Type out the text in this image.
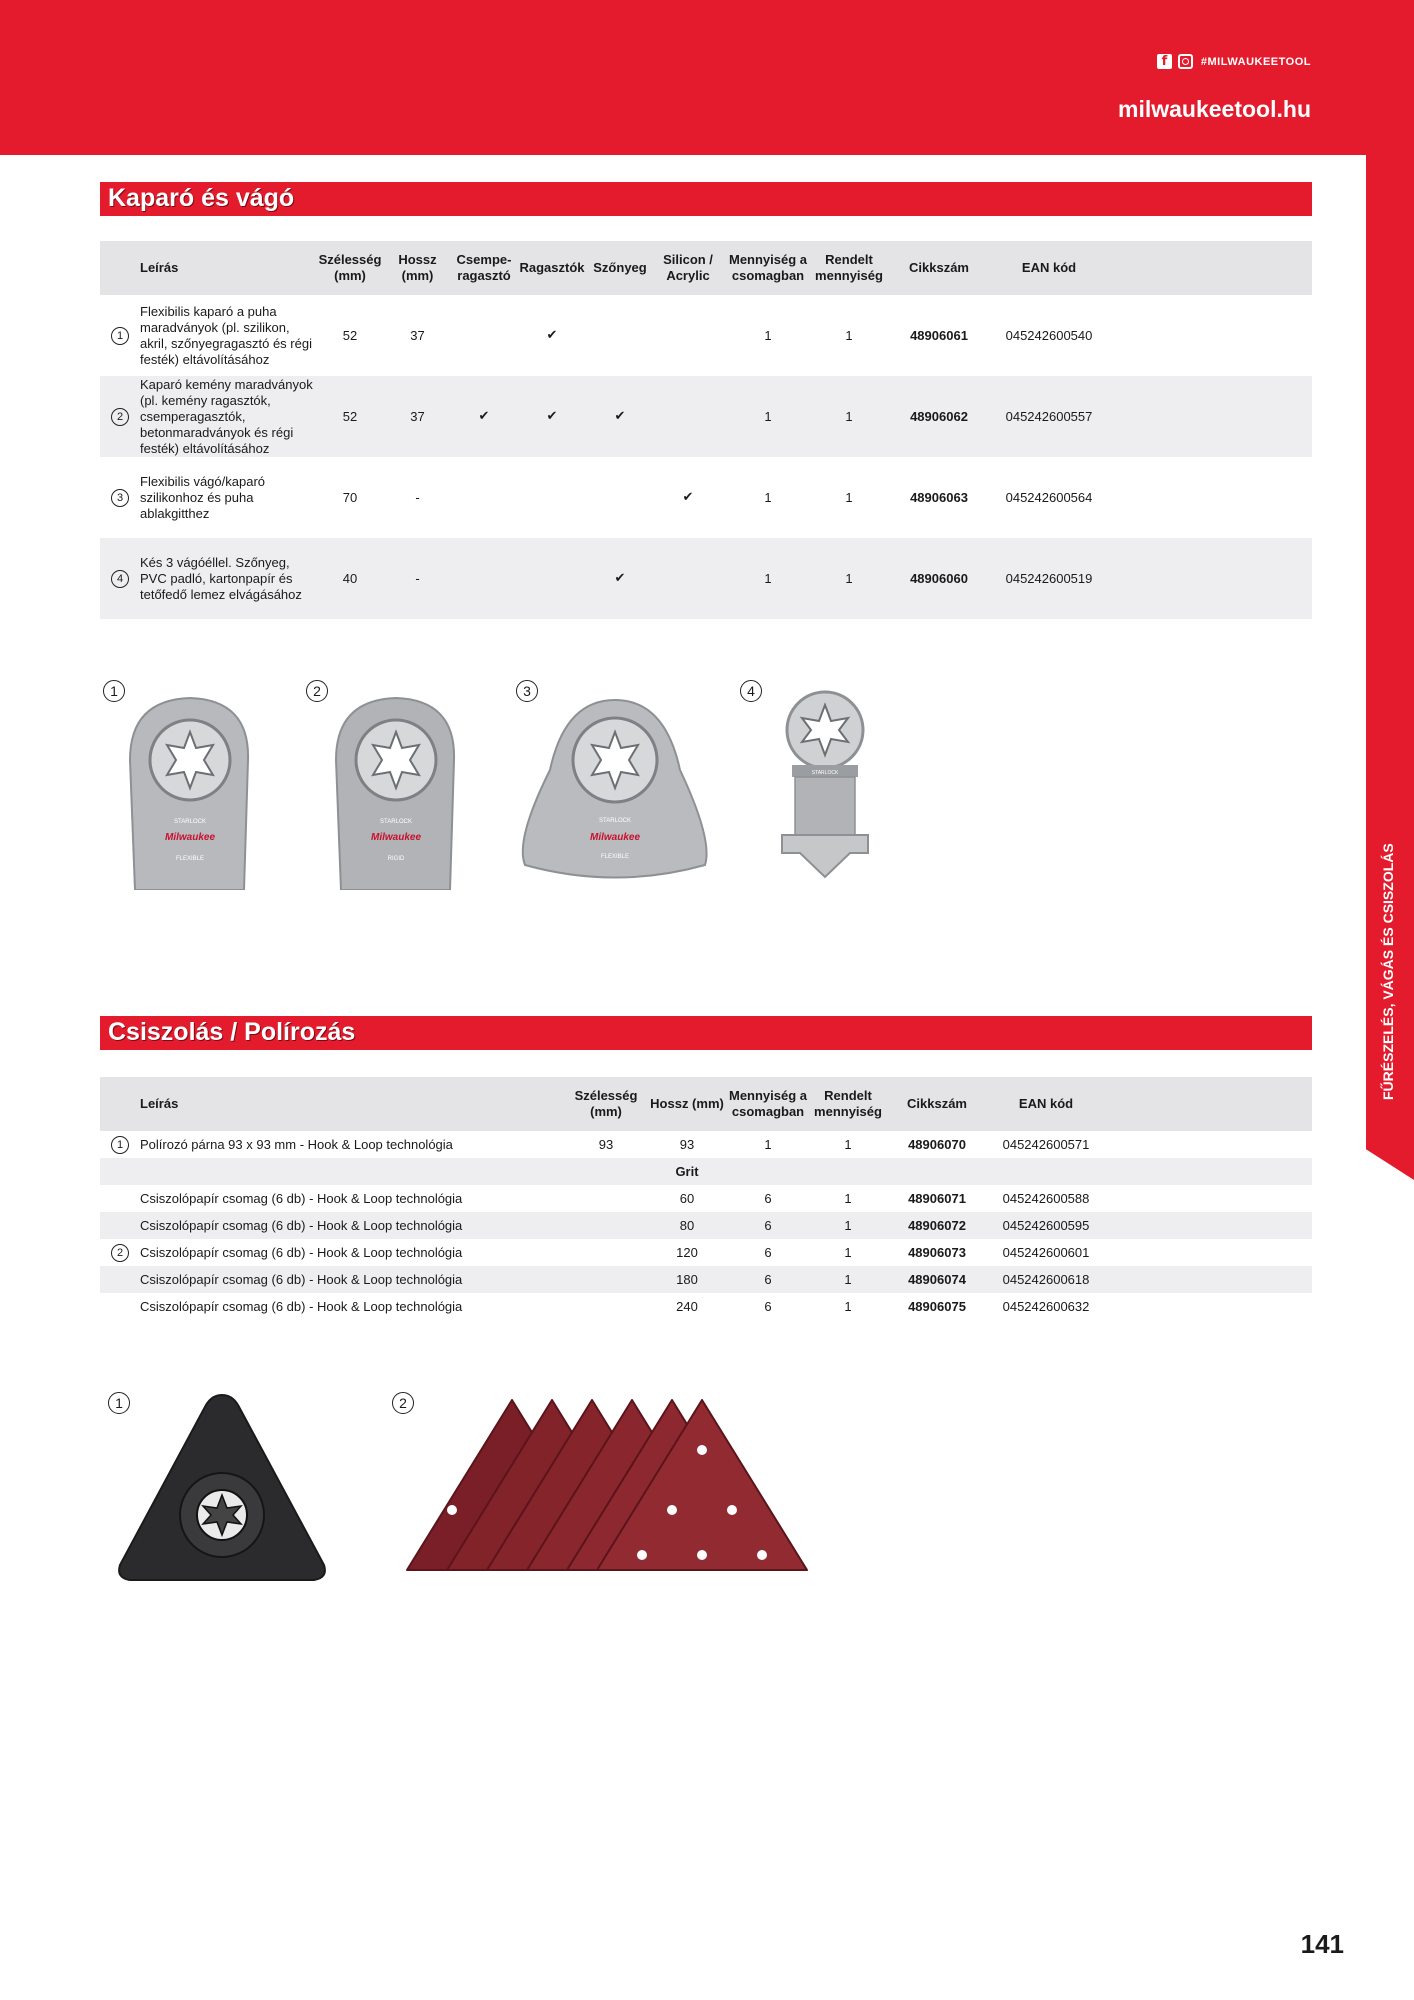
f	#MILWAUKEETOOL
milwaukeetool.hu
FŰRÉSZELÉS, VÁGÁS ÉS CSISZOLÁS
Kaparó és vágó
	Leírás	Szélesség (mm)	Hossz (mm)	Csempe-ragasztó	Ragasztók	Szőnyeg	Silicon / Acrylic	Mennyiség a csomagban	Rendelt mennyiség	Cikkszám	EAN kód	
1	Flexibilis kaparó a puha maradványok (pl. szilikon, akril, szőnyegragasztó és régi festék) eltávolításához	52	37		✔			1	1	48906061	045242600540	
2	Kaparó kemény maradványok (pl. kemény ragasztók, csemperagasztók, betonmaradványok és régi festék) eltávolításához	52	37	✔	✔	✔		1	1	48906062	045242600557	
3	Flexibilis vágó/kaparó szilikonhoz és puha ablakgitthez	70	-				✔	1	1	48906063	045242600564	
4	Kés 3 vágóéllel. Szőnyeg, PVC padló, kartonpapír és tetőfedő lemez elvágásához	40	-			✔		1	1	48906060	045242600519	
1	2	3	4
STARLOCK
Milwaukee
FLEXIBLE
STARLOCK
Milwaukee
RIGID
STARLOCK
Milwaukee
FLEXIBLE
STARLOCK
Csiszolás / Polírozás
	Leírás	Szélesség (mm)	Hossz (mm)	Mennyiség a csomagban	Rendelt mennyiség	Cikkszám	EAN kód	
1	Polírozó párna 93 x 93 mm - Hook & Loop technológia	93	93	1	1	48906070	045242600571	
			Grit					
	Csiszolópapír csomag (6 db) - Hook & Loop technológia		60	6	1	48906071	045242600588	
	Csiszolópapír csomag (6 db) - Hook & Loop technológia		80	6	1	48906072	045242600595	
2	Csiszolópapír csomag (6 db) - Hook & Loop technológia		120	6	1	48906073	045242600601	
	Csiszolópapír csomag (6 db) - Hook & Loop technológia		180	6	1	48906074	045242600618	
	Csiszolópapír csomag (6 db) - Hook & Loop technológia		240	6	1	48906075	045242600632	
1	2
141
